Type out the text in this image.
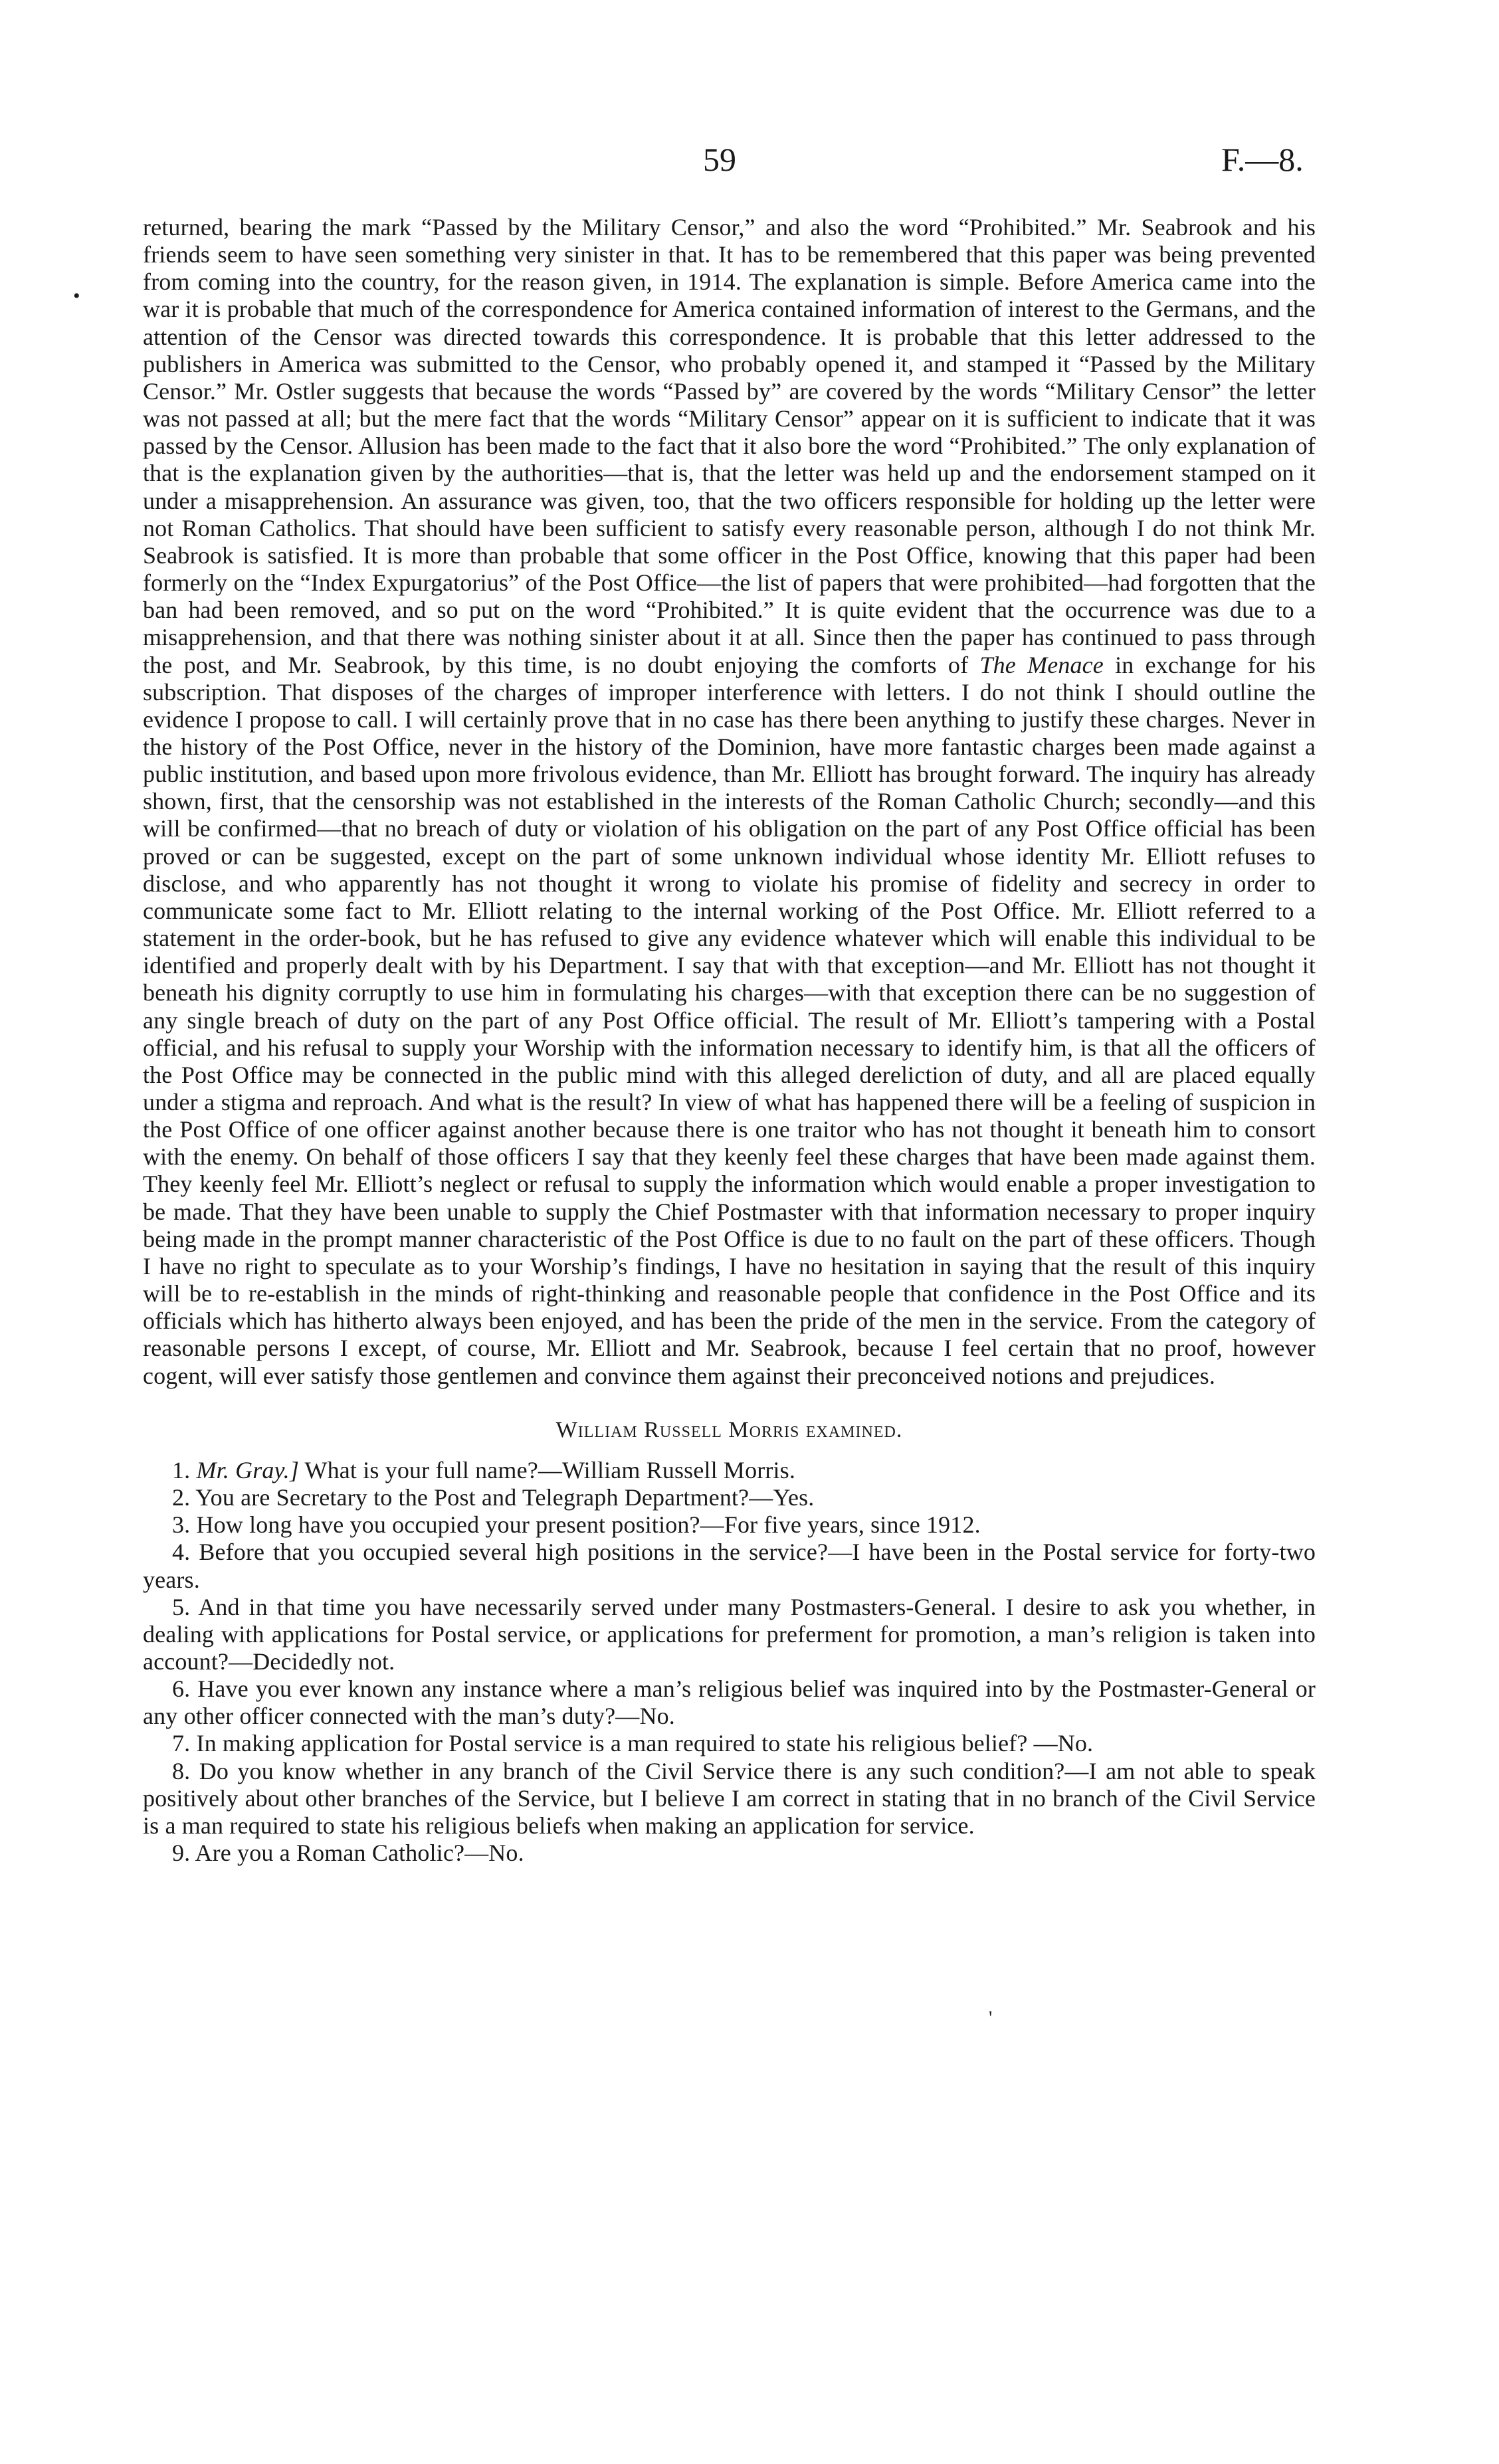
59	F.—8.

returned, bearing the mark “Passed by the Military Censor,” and also the word “Prohibited.” Mr. Seabrook and his friends seem to have seen something very sinister in that. It has to be remembered that this paper was being prevented from coming into the country, for the reason given, in 1914. The explanation is simple. Before America came into the war it is probable that much of the correspondence for America contained information of interest to the Germans, and the attention of the Censor was directed towards this correspondence. It is probable that this letter addressed to the publishers in America was submitted to the Censor, who probably opened it, and stamped it “Passed by the Military Censor.” Mr. Ostler suggests that because the words “Passed by” are covered by the words “Military Censor” the letter was not passed at all; but the mere fact that the words “Military Censor” appear on it is sufficient to indicate that it was passed by the Censor. Allusion has been made to the fact that it also bore the word “Prohibited.” The only explanation of that is the explanation given by the authorities—that is, that the letter was held up and the endorsement stamped on it under a misapprehension. An assurance was given, too, that the two officers responsible for holding up the letter were not Roman Catholics. That should have been sufficient to satisfy every reasonable person, although I do not think Mr. Seabrook is satisfied. It is more than probable that some officer in the Post Office, knowing that this paper had been formerly on the “Index Expurgatorius” of the Post Office—the list of papers that were prohibited—had forgotten that the ban had been removed, and so put on the word “Prohibited.” It is quite evident that the occurrence was due to a misapprehension, and that there was nothing sinister about it at all. Since then the paper has continued to pass through the post, and Mr. Seabrook, by this time, is no doubt enjoying the comforts of The Menace in exchange for his subscription. That disposes of the charges of improper interference with letters. I do not think I should outline the evidence I propose to call. I will certainly prove that in no case has there been anything to justify these charges. Never in the history of the Post Office, never in the history of the Dominion, have more fantastic charges been made against a public institution, and based upon more frivolous evidence, than Mr. Elliott has brought forward. The inquiry has already shown, first, that the censorship was not established in the interests of the Roman Catholic Church; secondly—and this will be confirmed—that no breach of duty or violation of his obligation on the part of any Post Office official has been proved or can be suggested, except on the part of some unknown individual whose identity Mr. Elliott refuses to disclose, and who apparently has not thought it wrong to violate his promise of fidelity and secrecy in order to communicate some fact to Mr. Elliott relating to the internal working of the Post Office. Mr. Elliott referred to a statement in the order-book, but he has refused to give any evidence whatever which will enable this individual to be identified and properly dealt with by his Department. I say that with that exception—and Mr. Elliott has not thought it beneath his dignity corruptly to use him in formulating his charges—with that exception there can be no suggestion of any single breach of duty on the part of any Post Office official. The result of Mr. Elliott’s tampering with a Postal official, and his refusal to supply your Worship with the information necessary to identify him, is that all the officers of the Post Office may be connected in the public mind with this alleged dereliction of duty, and all are placed equally under a stigma and reproach. And what is the result? In view of what has happened there will be a feeling of suspicion in the Post Office of one officer against another because there is one traitor who has not thought it beneath him to consort with the enemy. On behalf of those officers I say that they keenly feel these charges that have been made against them. They keenly feel Mr. Elliott’s neglect or refusal to supply the information which would enable a proper investigation to be made. That they have been unable to supply the Chief Postmaster with that information necessary to proper inquiry being made in the prompt manner characteristic of the Post Office is due to no fault on the part of these officers. Though I have no right to speculate as to your Worship’s findings, I have no hesitation in saying that the result of this inquiry will be to re-establish in the minds of right-thinking and reasonable people that confidence in the Post Office and its officials which has hitherto always been enjoyed, and has been the pride of the men in the service. From the category of reasonable persons I except, of course, Mr. Elliott and Mr. Seabrook, because I feel certain that no proof, however cogent, will ever satisfy those gentlemen and convince them against their preconceived notions and prejudices.

William Russell Morris examined.

1. Mr. Gray.] What is your full name?—William Russell Morris.

2. You are Secretary to the Post and Telegraph Department?—Yes.

3. How long have you occupied your present position?—For five years, since 1912.

4. Before that you occupied several high positions in the service?—I have been in the Postal service for forty-two years.

5. And in that time you have necessarily served under many Postmasters-General. I desire to ask you whether, in dealing with applications for Postal service, or applications for preferment for promotion, a man’s religion is taken into account?—Decidedly not.

6. Have you ever known any instance where a man’s religious belief was inquired into by the Postmaster-General or any other officer connected with the man’s duty?—No.

7. In making application for Postal service is a man required to state his religious belief? —No.

8. Do you know whether in any branch of the Civil Service there is any such condition?—I am not able to speak positively about other branches of the Service, but I believe I am correct in stating that in no branch of the Civil Service is a man required to state his religious beliefs when making an application for service.

9. Are you a Roman Catholic?—No.

•
'
